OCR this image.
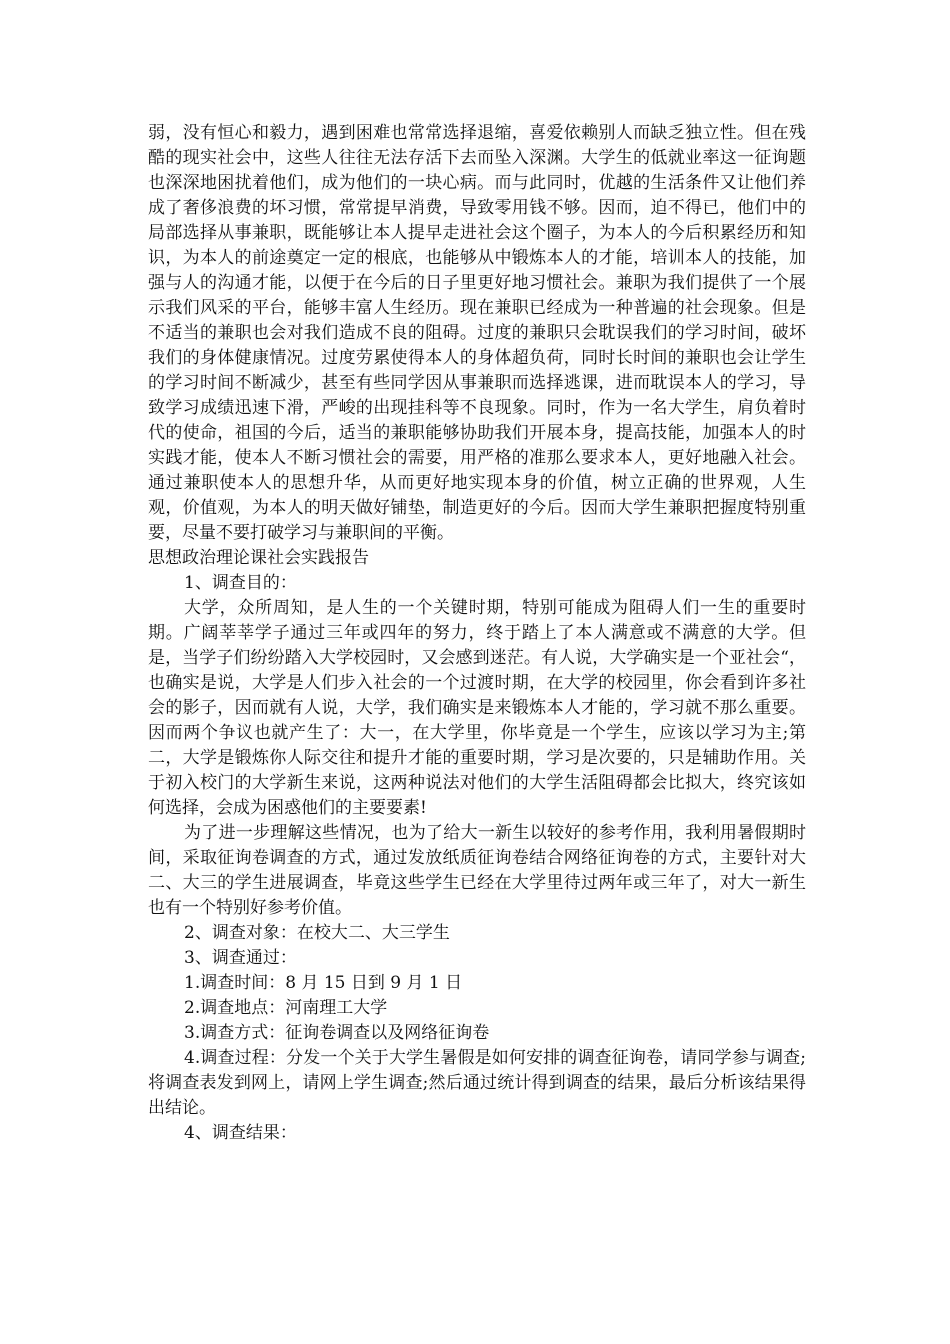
弱，没有恒心和毅力，遇到困难也常常选择退缩，喜爱依赖别人而缺乏独立性。但在残酷的现实社会中，这些人往往无法存活下去而坠入深渊。大学生的低就业率这一征询题也深深地困扰着他们，成为他们的一块心病。而与此同时，优越的生活条件又让他们养成了奢侈浪费的坏习惯，常常提早消费，导致零用钱不够。因而，迫不得已，他们中的局部选择从事兼职，既能够让本人提早走进社会这个圈子，为本人的今后积累经历和知识，为本人的前途奠定一定的根底，也能够从中锻炼本人的才能，培训本人的技能，加强与人的沟通才能，以便于在今后的日子里更好地习惯社会。兼职为我们提供了一个展示我们风采的平台，能够丰富人生经历。现在兼职已经成为一种普遍的社会现象。但是不适当的兼职也会对我们造成不良的阻碍。过度的兼职只会耽误我们的学习时间，破坏我们的身体健康情况。过度劳累使得本人的身体超负荷，同时长时间的兼职也会让学生的学习时间不断减少，甚至有些同学因从事兼职而选择逃课，进而耽误本人的学习，导致学习成绩迅速下滑，严峻的出现挂科等不良现象。同时，作为一名大学生，肩负着时代的使命，祖国的今后，适当的兼职能够协助我们开展本身，提高技能，加强本人的时实践才能，使本人不断习惯社会的需要，用严格的准那么要求本人，更好地融入社会。通过兼职使本人的思想升华，从而更好地实现本身的价值，树立正确的世界观，人生观，价值观，为本人的明天做好铺垫，制造更好的今后。因而大学生兼职把握度特别重要，尽量不要打破学习与兼职间的平衡。

思想政治理论课社会实践报告

1、调查目的：

大学，众所周知，是人生的一个关键时期，特别可能成为阻碍人们一生的重要时期。广阔莘莘学子通过三年或四年的努力，终于踏上了本人满意或不满意的大学。但是，当学子们纷纷踏入大学校园时，又会感到迷茫。有人说，大学确实是一个亚社会“，也确实是说，大学是人们步入社会的一个过渡时期，在大学的校园里，你会看到许多社会的影子，因而就有人说，大学，我们确实是来锻炼本人才能的，学习就不那么重要。因而两个争议也就产生了：大一，在大学里，你毕竟是一个学生，应该以学习为主;第二，大学是锻炼你人际交往和提升才能的重要时期，学习是次要的，只是辅助作用。关于初入校门的大学新生来说，这两种说法对他们的大学生活阻碍都会比拟大，终究该如何选择，会成为困惑他们的主要要素!

为了进一步理解这些情况，也为了给大一新生以较好的参考作用，我利用暑假期时间，采取征询卷调查的方式，通过发放纸质征询卷结合网络征询卷的方式，主要针对大二、大三的学生进展调查，毕竟这些学生已经在大学里待过两年或三年了，对大一新生也有一个特别好参考价值。

2、调查对象：在校大二、大三学生

3、调查通过：

1.调查时间：8 月 15 日到 9 月 1 日

2.调查地点：河南理工大学

3.调查方式：征询卷调查以及网络征询卷

4.调查过程：分发一个关于大学生暑假是如何安排的调查征询卷，请同学参与调查;将调查表发到网上，请网上学生调查;然后通过统计得到调查的结果，最后分析该结果得出结论。

4、调查结果：
